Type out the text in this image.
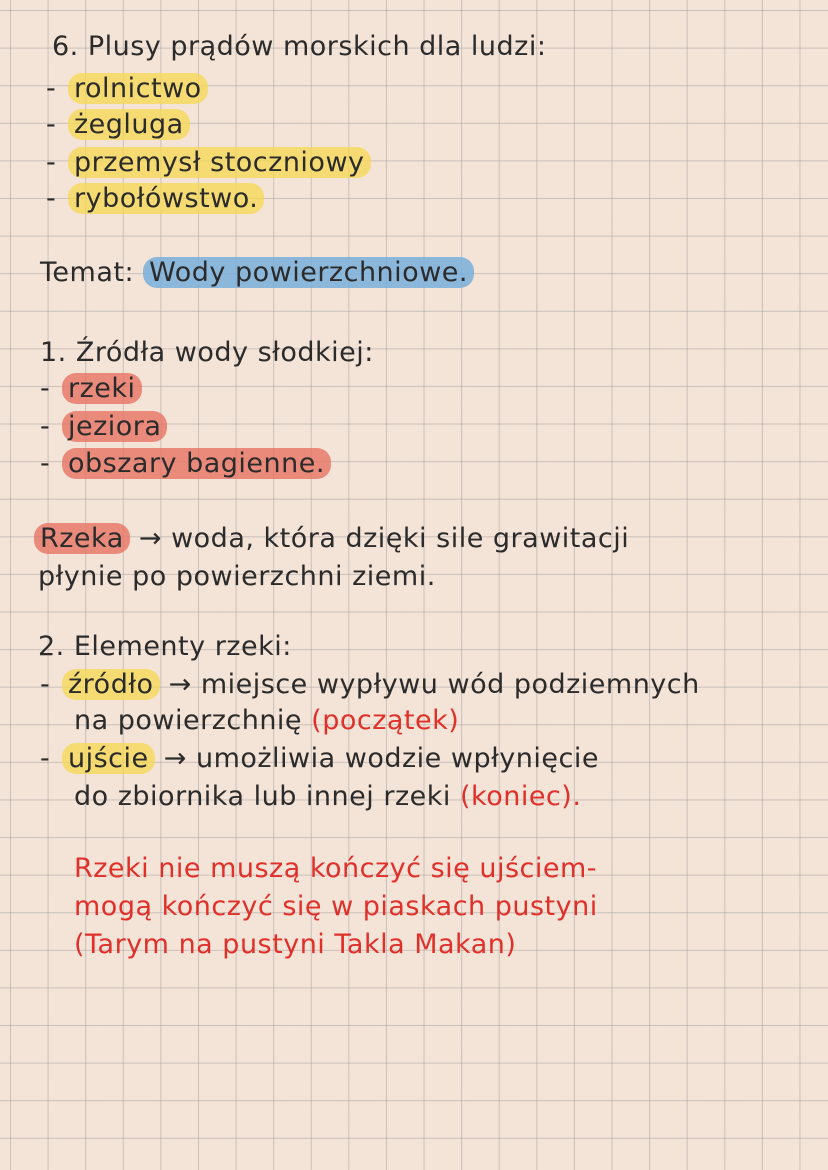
6. Plusy prądów morskich dla ludzi:
- rolnictwo
- żegluga
- przemysł stoczniowy
- rybołówstwo.
Temat: Wody powierzchniowe.
1. Źródła wody słodkiej:
- rzeki
- jeziora
- obszary bagienne.
Rzeka → woda, która dzięki sile grawitacji
płynie po powierzchni ziemi.
2. Elementy rzeki:
- źródło → miejsce wypływu wód podziemnych
na powierzchnię (początek)
- ujście → umożliwia wodzie wpłynięcie
do zbiornika lub innej rzeki (koniec).
Rzeki nie muszą kończyć się ujściem-
mogą kończyć się w piaskach pustyni
(Tarym na pustyni Takla Makan)
